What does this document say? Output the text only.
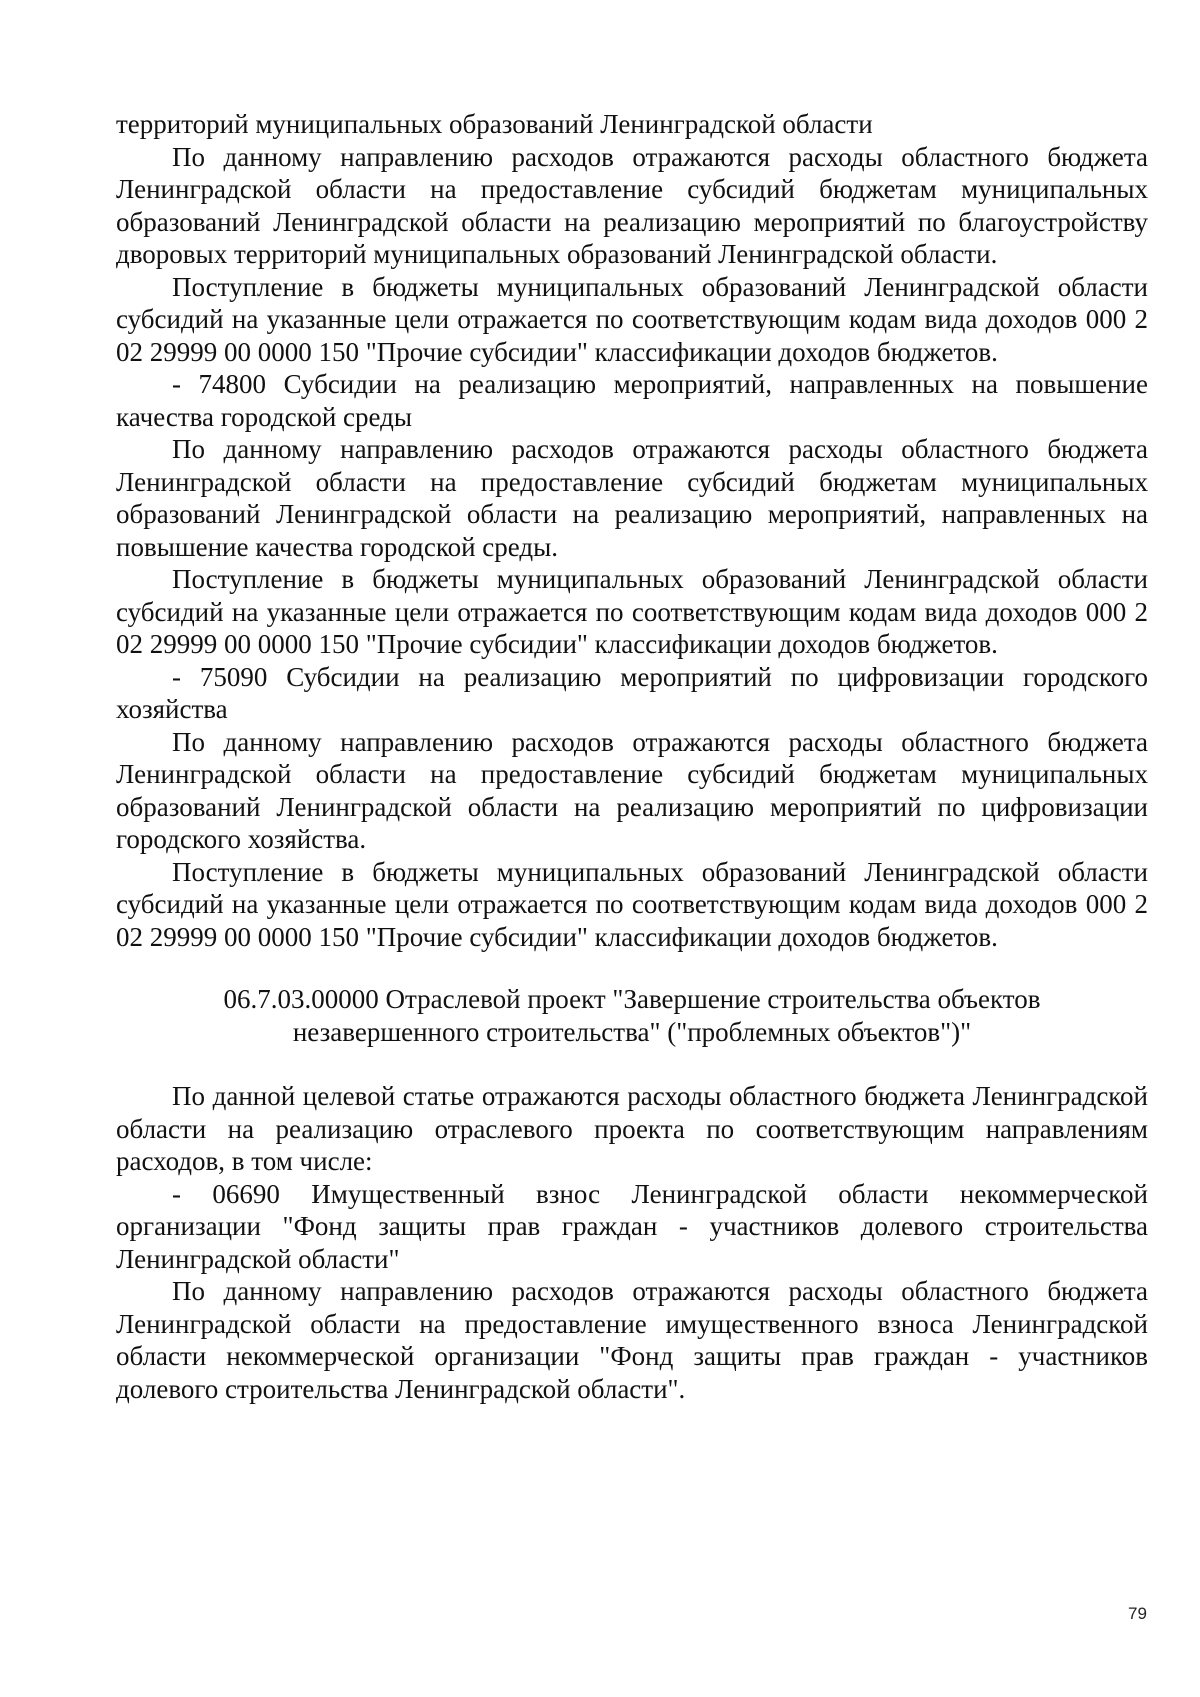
территорий муниципальных образований Ленинградской области

По данному направлению расходов отражаются расходы областного бюджета Ленинградской области на предоставление субсидий бюджетам муниципальных образований Ленинградской области на реализацию мероприятий по благоустройству дворовых территорий муниципальных образований Ленинградской области.

Поступление в бюджеты муниципальных образований Ленинградской области субсидий на указанные цели отражается по соответствующим кодам вида доходов 000 2 02 29999 00 0000 150 "Прочие субсидии" классификации доходов бюджетов.

- 74800 Субсидии на реализацию мероприятий, направленных на повышение качества городской среды

По данному направлению расходов отражаются расходы областного бюджета Ленинградской области на предоставление субсидий бюджетам муниципальных образований Ленинградской области на реализацию мероприятий, направленных на повышение качества городской среды.

Поступление в бюджеты муниципальных образований Ленинградской области субсидий на указанные цели отражается по соответствующим кодам вида доходов 000 2 02 29999 00 0000 150 "Прочие субсидии" классификации доходов бюджетов.

- 75090 Субсидии на реализацию мероприятий по цифровизации городского хозяйства

По данному направлению расходов отражаются расходы областного бюджета Ленинградской области на предоставление субсидий бюджетам муниципальных образований Ленинградской области на реализацию мероприятий по цифровизации городского хозяйства.

Поступление в бюджеты муниципальных образований Ленинградской области субсидий на указанные цели отражается по соответствующим кодам вида доходов 000 2 02 29999 00 0000 150 "Прочие субсидии" классификации доходов бюджетов.

06.7.03.00000 Отраслевой проект "Завершение строительства объектов
незавершенного строительства" ("проблемных объектов")"

По данной целевой статье отражаются расходы областного бюджета Ленинградской области на реализацию отраслевого проекта по соответствующим направлениям расходов, в том числе:

- 06690 Имущественный взнос Ленинградской области некоммерческой организации "Фонд защиты прав граждан - участников долевого строительства Ленинградской области"

По данному направлению расходов отражаются расходы областного бюджета Ленинградской области на предоставление имущественного взноса Ленинградской области некоммерческой организации "Фонд защиты прав граждан - участников долевого строительства Ленинградской области".

79
